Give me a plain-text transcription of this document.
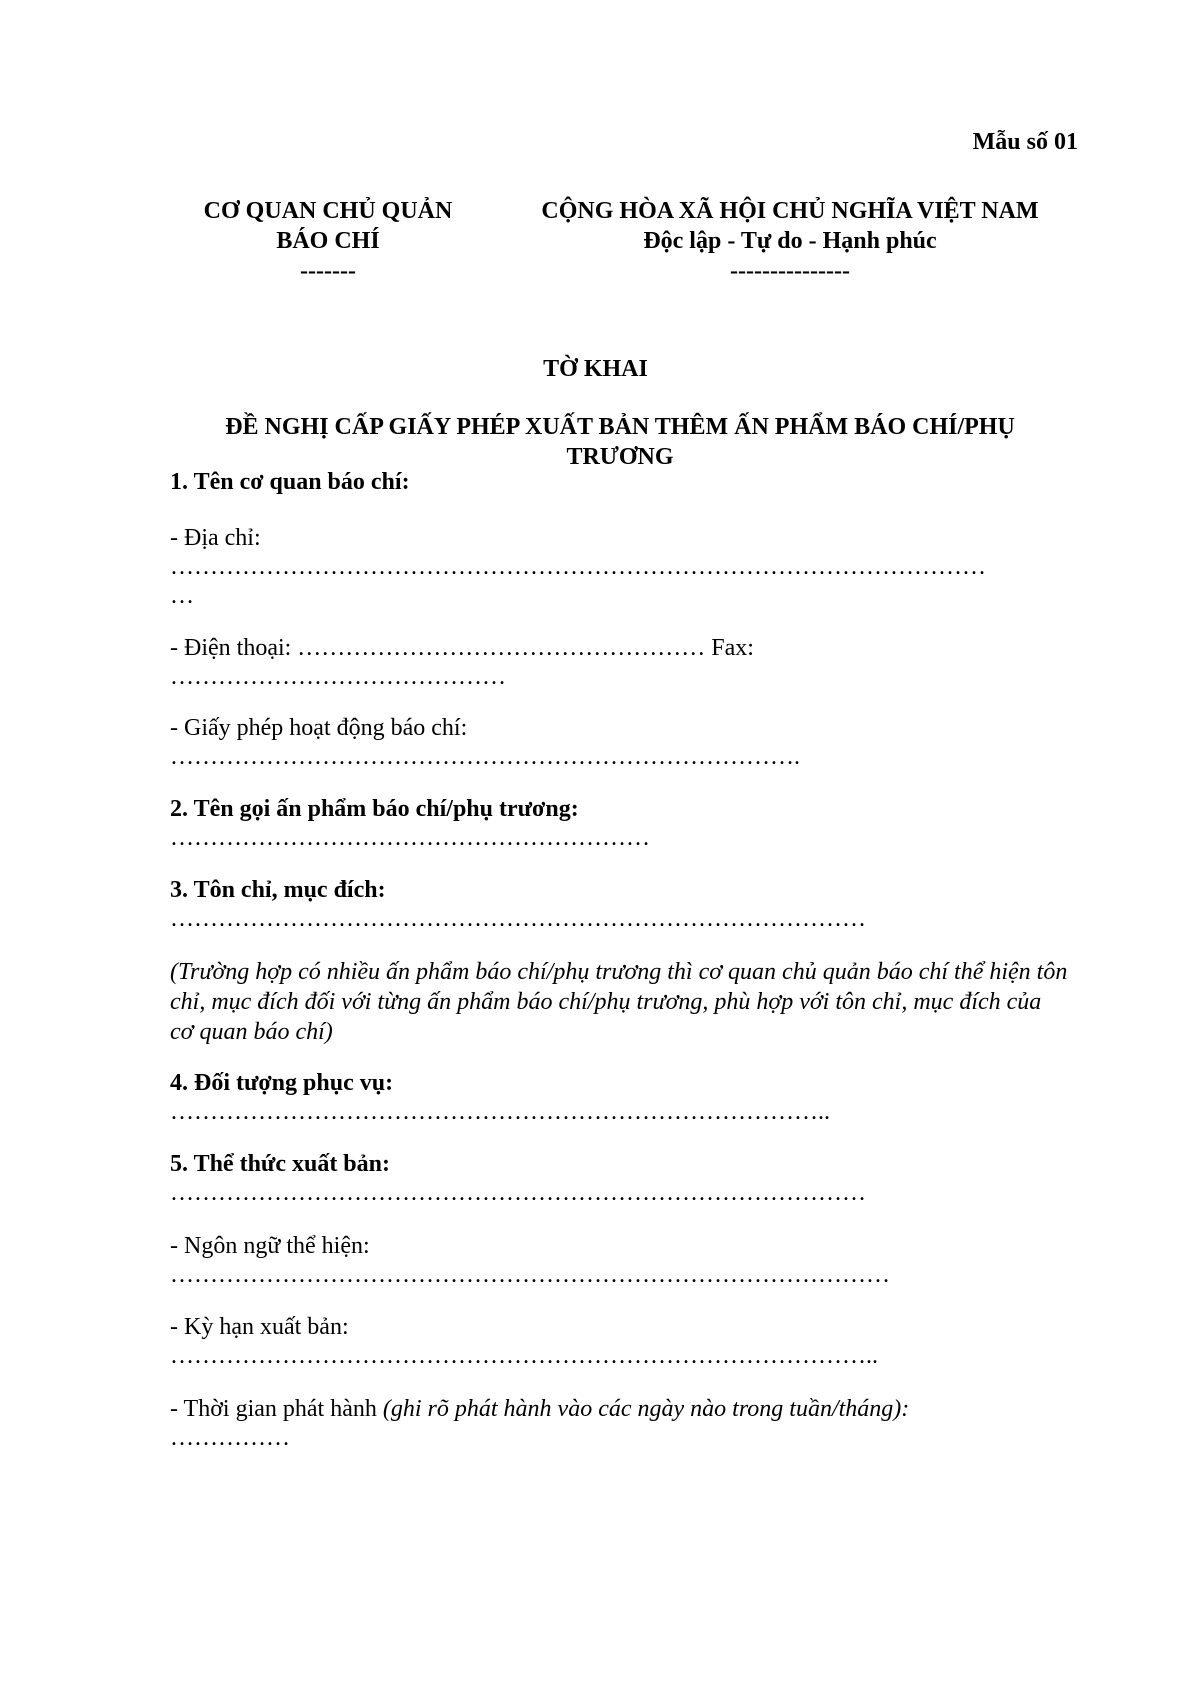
Mẫu số 01
CƠ QUAN CHỦ QUẢN
BÁO CHÍ
-------
CỘNG HÒA XÃ HỘI CHỦ NGHĨA VIỆT NAM
Độc lập - Tự do - Hạnh phúc
---------------
TỜ KHAI
ĐỀ NGHỊ CẤP GIẤY PHÉP XUẤT BẢN THÊM ẤN PHẨM BÁO CHÍ/PHỤ TRƯƠNG
1. Tên cơ quan báo chí:
- Địa chỉ:
…………………………………………………………………………………………
…
- Điện thoại: …………………………………………… Fax:
……………………………………
- Giấy phép hoạt động báo chí:
…………………………………………………………………….
2. Tên gọi ấn phẩm báo chí/phụ trương:
……………………………………………………
3. Tôn chỉ, mục đích:
……………………………………………………………………………
(Trường hợp có nhiều ấn phẩm báo chí/phụ trương thì cơ quan chủ quản báo chí thể hiện tôn chỉ, mục đích đối với từng ấn phẩm báo chí/phụ trương, phù hợp với tôn chỉ, mục đích của cơ quan báo chí)
4. Đối tượng phục vụ:
………………………………………………………………………..
5. Thể thức xuất bản:
……………………………………………………………………………
- Ngôn ngữ thể hiện:
………………………………………………………………………………
- Kỳ hạn xuất bản:
……………………………………………………………………………..
- Thời gian phát hành (ghi rõ phát hành vào các ngày nào trong tuần/tháng):
……………
